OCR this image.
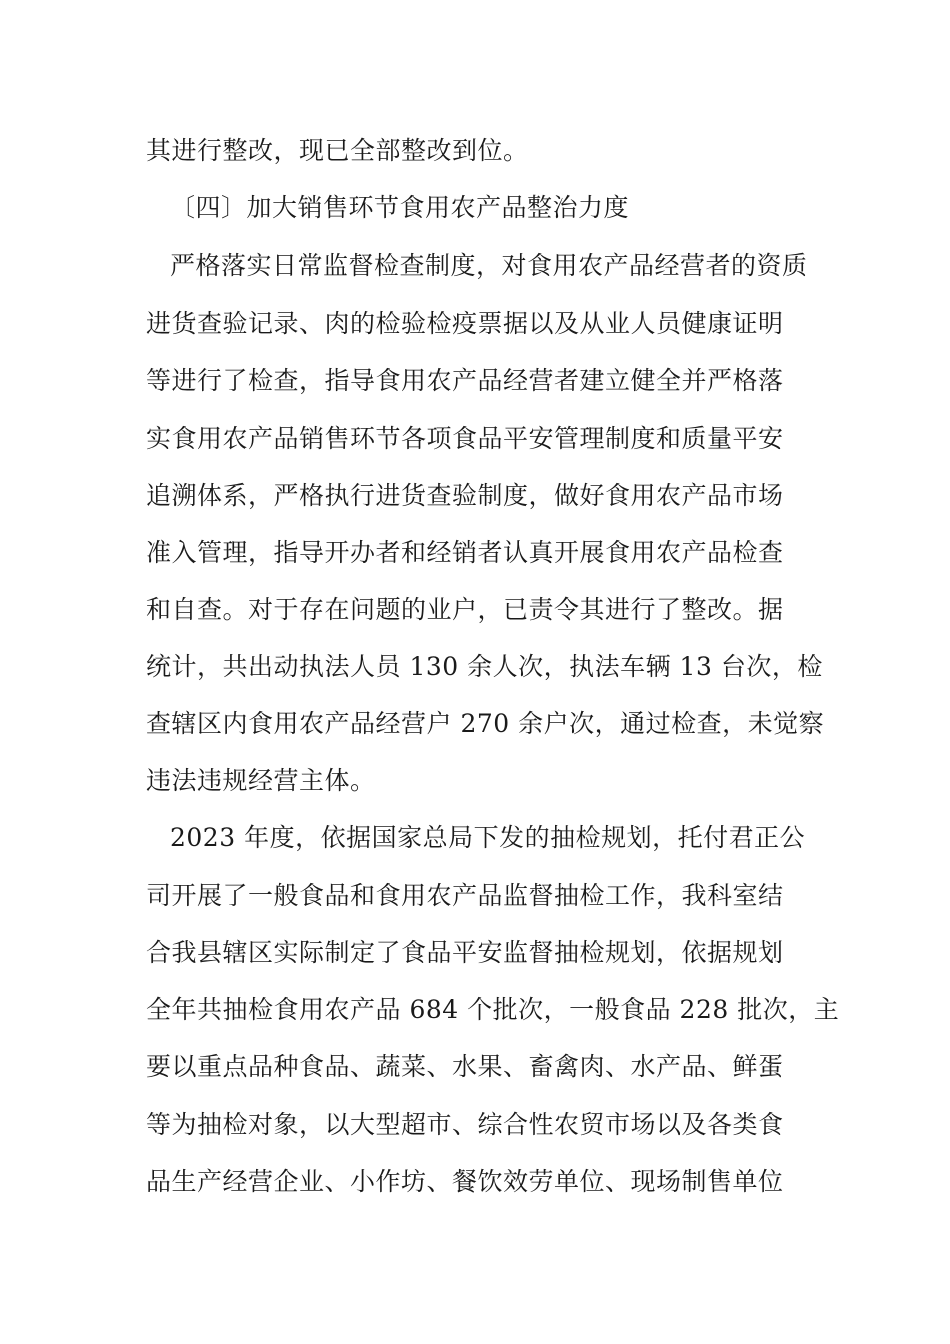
其进行整改，现已全部整改到位。
〔四〕加大销售环节食用农产品整治力度
严格落实日常监督检查制度，对食用农产品经营者的资质
进货查验记录、肉的检验检疫票据以及从业人员健康证明
等进行了检查，指导食用农产品经营者建立健全并严格落
实食用农产品销售环节各项食品平安管理制度和质量平安
追溯体系，严格执行进货查验制度，做好食用农产品市场
准入管理，指导开办者和经销者认真开展食用农产品检查
和自查。对于存在问题的业户，已责令其进行了整改。据
统计，共出动执法人员 130 余人次，执法车辆 13 台次，检
查辖区内食用农产品经营户 270 余户次，通过检查，未觉察
违法违规经营主体。
2023 年度，依据国家总局下发的抽检规划，托付君正公
司开展了一般食品和食用农产品监督抽检工作，我科室结
合我县辖区实际制定了食品平安监督抽检规划，依据规划
全年共抽检食用农产品 684 个批次，一般食品 228 批次，主
要以重点品种食品、蔬菜、水果、畜禽肉、水产品、鲜蛋
等为抽检对象，以大型超市、综合性农贸市场以及各类食
品生产经营企业、小作坊、餐饮效劳单位、现场制售单位
